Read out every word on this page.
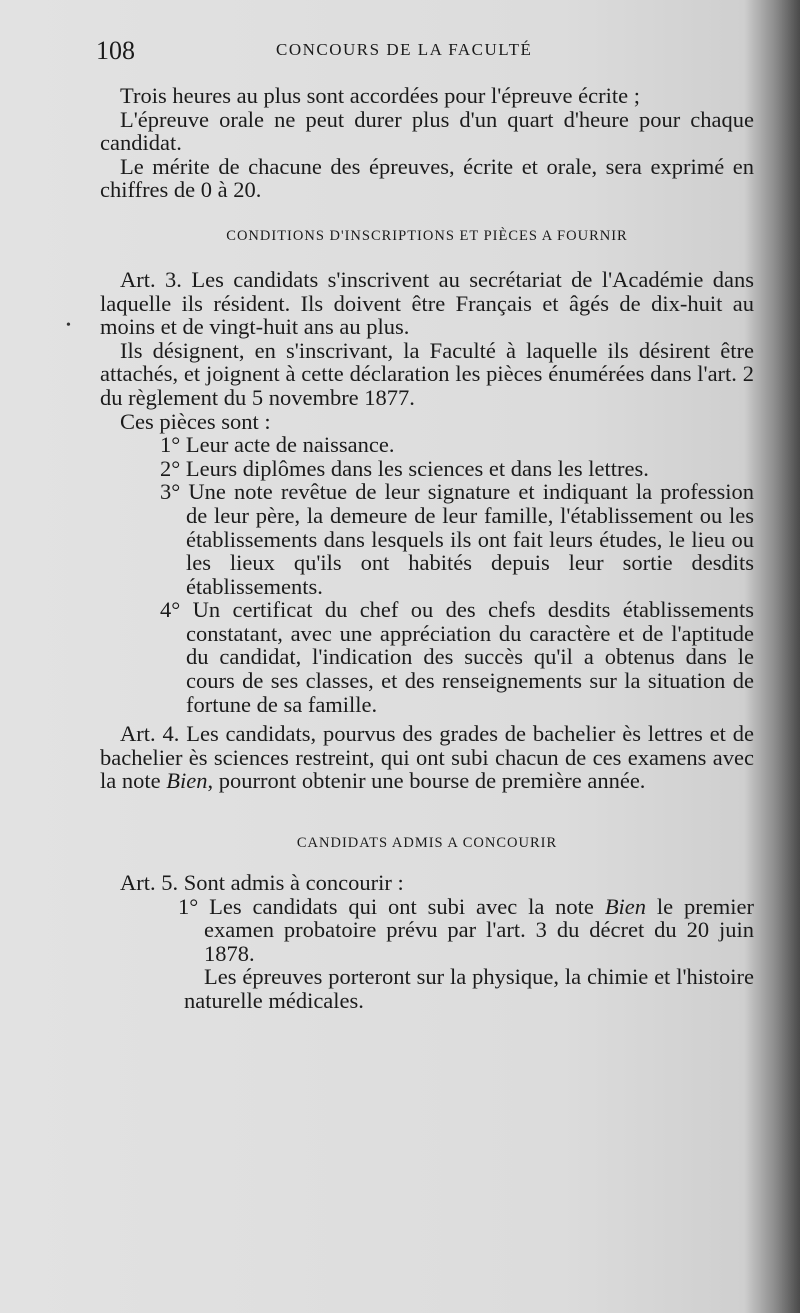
108	CONCOURS DE LA FACULTÉ
•

Trois heures au plus sont accordées pour l'épreuve écrite ;

L'épreuve orale ne peut durer plus d'un quart d'heure pour chaque candidat.

Le mérite de chacune des épreuves, écrite et orale, sera exprimé en chiffres de 0 à 20.

CONDITIONS D'INSCRIPTIONS ET PIÈCES A FOURNIR

Art. 3. Les candidats s'inscrivent au secrétariat de l'Académie dans laquelle ils résident. Ils doivent être Français et âgés de dix-huit au moins et de vingt-huit ans au plus.

Ils désignent, en s'inscrivant, la Faculté à laquelle ils désirent être attachés, et joignent à cette déclaration les pièces énumérées dans l'art. 2 du règlement du 5 novembre 1877.

Ces pièces sont :

1° Leur acte de naissance.

2° Leurs diplômes dans les sciences et dans les lettres.

3° Une note revêtue de leur signature et indiquant la profession de leur père, la demeure de leur famille, l'établissement ou les établissements dans lesquels ils ont fait leurs études, le lieu ou les lieux qu'ils ont habités depuis leur sortie desdits établissements.

4° Un certificat du chef ou des chefs desdits établissements constatant, avec une appréciation du caractère et de l'aptitude du candidat, l'indication des succès qu'il a obtenus dans le cours de ses classes, et des renseignements sur la situation de fortune de sa famille.

Art. 4. Les candidats, pourvus des grades de bachelier ès lettres et de bachelier ès sciences restreint, qui ont subi chacun de ces examens avec la note Bien, pourront obtenir une bourse de première année.

CANDIDATS ADMIS A CONCOURIR

Art. 5. Sont admis à concourir :

1° Les candidats qui ont subi avec la note Bien le premier examen probatoire prévu par l'art. 3 du décret du 20 juin 1878.

Les épreuves porteront sur la physique, la chimie et l'histoire naturelle médicales.
